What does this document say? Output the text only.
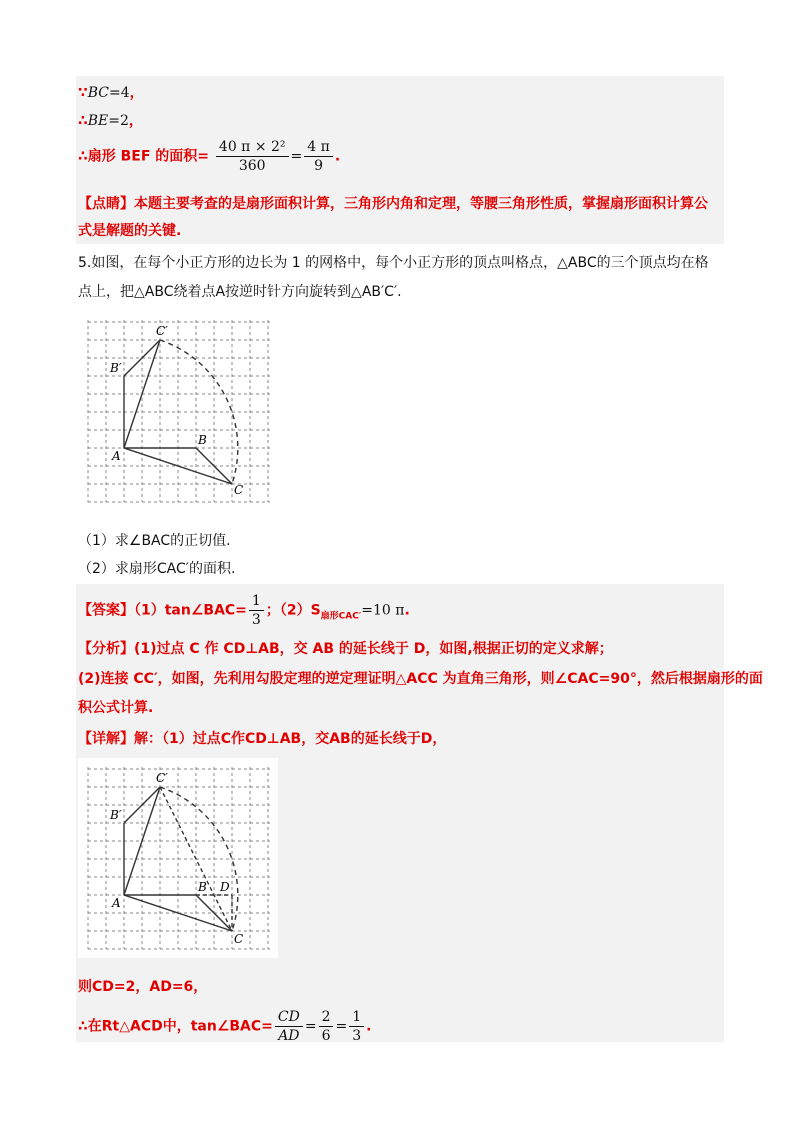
∵BC=4，
∴BE=2，
∴扇形 BEF 的面积= $\frac{\text{40 π × 2²}}{360} = \frac{4 \pi}{9}$ .
【点睛】本题主要考查的是扇形面积计算，三角形内角和定理，等腰三角形性质，掌握扇形面积计算公
式是解题的关键.
5.如图，在每个小正方形的边长为 1 的网格中，每个小正方形的顶点叫格点，△ABC的三个顶点均在格
点上，把△ABC绕着点A按逆时针方向旋转到△AB′C′.
C′
B′
A
B
C
（1）求∠BAC的正切值.
（2）求扇形CAC′的面积.
【答案】（1）tan∠BAC= $\frac{1}{3}$ ；$(2)S_{扇形CAC'}=10$ π.
【分析】(1)过点 C 作 CD⊥AB，交 AB 的延长线于 D，如图,根据正切的定义求解；
(2)连接 CC′，如图，先利用勾股定理的逆定理证明△ACC 为直角三角形，则∠CAC=90°，然后根据扇形的面
积公式计算.
【详解】解：（1）过点C作CD⊥AB，交AB的延长线于D，
C′
B′
A
B D
C
则CD=2，AD=6，
∴在Rt△ACD中，tan∠BAC= $\frac{CD}{AD} = \frac{2}{6} = \frac{1}{3}$ .
